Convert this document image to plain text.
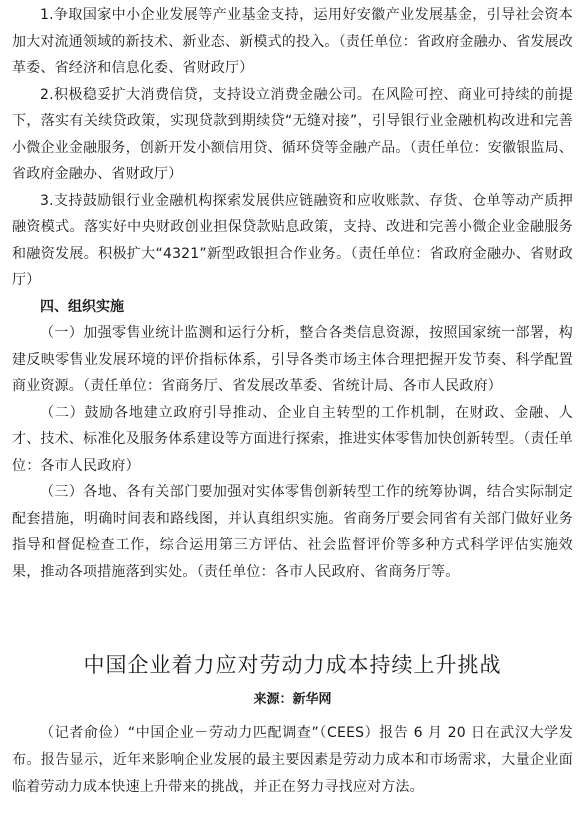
1.争取国家中小企业发展等产业基金支持，运用好安徽产业发展基金，引导社会资本加大对流通领域的新技术、新业态、新模式的投入。（责任单位：省政府金融办、省发展改革委、省经济和信息化委、省财政厅）

2.积极稳妥扩大消费信贷，支持设立消费金融公司。在风险可控、商业可持续的前提下，落实有关续贷政策，实现贷款到期续贷“无缝对接”，引导银行业金融机构改进和完善小微企业金融服务，创新开发小额信用贷、循环贷等金融产品。（责任单位：安徽银监局、省政府金融办、省财政厅）

3.支持鼓励银行业金融机构探索发展供应链融资和应收账款、存货、仓单等动产质押融资模式。落实好中央财政创业担保贷款贴息政策，支持、改进和完善小微企业金融服务和融资发展。积极扩大“4321”新型政银担合作业务。（责任单位：省政府金融办、省财政厅）

四、组织实施

（一）加强零售业统计监测和运行分析，整合各类信息资源，按照国家统一部署，构建反映零售业发展环境的评价指标体系，引导各类市场主体合理把握开发节奏、科学配置商业资源。（责任单位：省商务厅、省发展改革委、省统计局、各市人民政府）

（二）鼓励各地建立政府引导推动、企业自主转型的工作机制，在财政、金融、人才、技术、标准化及服务体系建设等方面进行探索，推进实体零售加快创新转型。（责任单位：各市人民政府）

（三）各地、各有关部门要加强对实体零售创新转型工作的统筹协调，结合实际制定配套措施，明确时间表和路线图，并认真组织实施。省商务厅要会同省有关部门做好业务指导和督促检查工作，综合运用第三方评估、社会监督评价等多种方式科学评估实施效果，推动各项措施落到实处。（责任单位：各市人民政府、省商务厅等。

中国企业着力应对劳动力成本持续上升挑战

来源：新华网

（记者俞俭）“中国企业－劳动力匹配调查”（CEES）报告 6 月 20 日在武汉大学发布。报告显示，近年来影响企业发展的最主要因素是劳动力成本和市场需求，大量企业面临着劳动力成本快速上升带来的挑战，并正在努力寻找应对方法。
